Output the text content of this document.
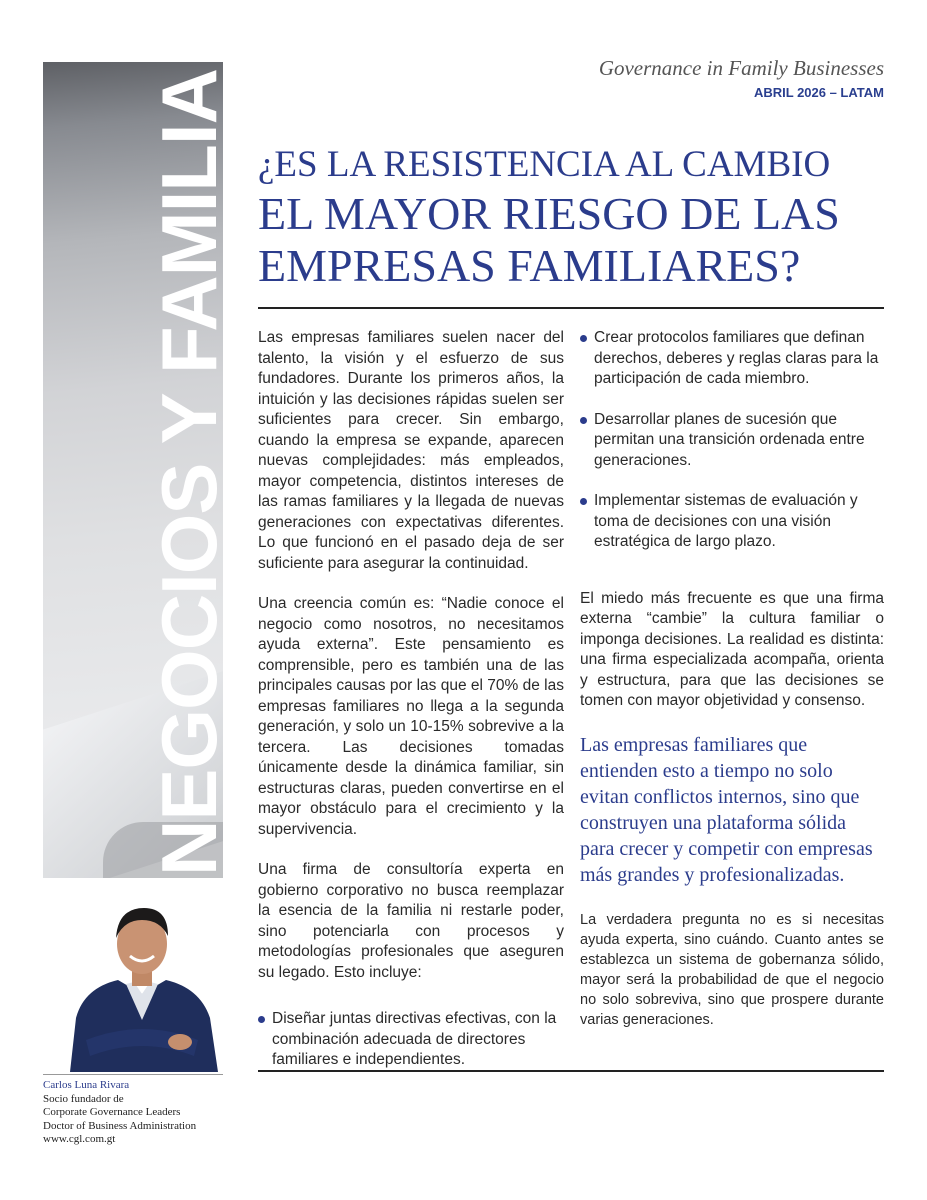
NEGOCIOS Y FAMILIA
Governance in Family Businesses
ABRIL 2026 – LATAM
¿ES LA RESISTENCIA AL CAMBIO
EL MAYOR RIESGO DE LAS
EMPRESAS FAMILIARES?

Las empresas familiares suelen nacer del talento, la visión y el esfuerzo de sus fundadores. Durante los primeros años, la intuición y las decisiones rápidas suelen ser suficientes para crecer. Sin embargo, cuando la empresa se expande, aparecen nuevas complejidades: más empleados, mayor competencia, distintos intereses de las ramas familiares y la llegada de nuevas generaciones con expectativas diferentes. Lo que funcionó en el pasado deja de ser suficiente para asegurar la continuidad.

Una creencia común es: “Nadie conoce el negocio como nosotros, no necesitamos ayuda externa”. Este pensamiento es comprensible, pero es también una de las principales causas por las que el 70% de las empresas familiares no llega a la segunda generación, y solo un 10-15% sobrevive a la tercera. Las decisiones tomadas únicamente desde la dinámica familiar, sin estructuras claras, pueden convertirse en el mayor obstáculo para el crecimiento y la supervivencia.

Una firma de consultoría experta en gobierno corporativo no busca reemplazar la esencia de la familia ni restarle poder, sino potenciarla con procesos y metodologías profesionales que aseguren su legado. Esto incluye:

Diseñar juntas directivas efectivas, con la combinación adecuada de directores familiares e independientes.
Crear protocolos familiares que definan derechos, deberes y reglas claras para la participación de cada miembro.
Desarrollar planes de sucesión que permitan una transición ordenada entre generaciones.
Implementar sistemas de evaluación y toma de decisiones con una visión estratégica de largo plazo.

El miedo más frecuente es que una firma externa “cambie” la cultura familiar o imponga decisiones. La realidad es distinta: una firma especializada acompaña, orienta y estructura, para que las decisiones se tomen con mayor objetividad y consenso.

Las empresas familiares que entienden esto a tiempo no solo evitan conflictos internos, sino que construyen una plataforma sólida para crecer y competir con empresas más grandes y profesionalizadas.

La verdadera pregunta no es si necesitas ayuda experta, sino cuándo. Cuanto antes se establezca un sistema de gobernanza sólido, mayor será la probabilidad de que el negocio no solo sobreviva, sino que prospere durante varias generaciones.

Carlos Luna Rivara
Socio fundador de
Corporate Governance Leaders
Doctor of Business Administration
www.cgl.com.gt
